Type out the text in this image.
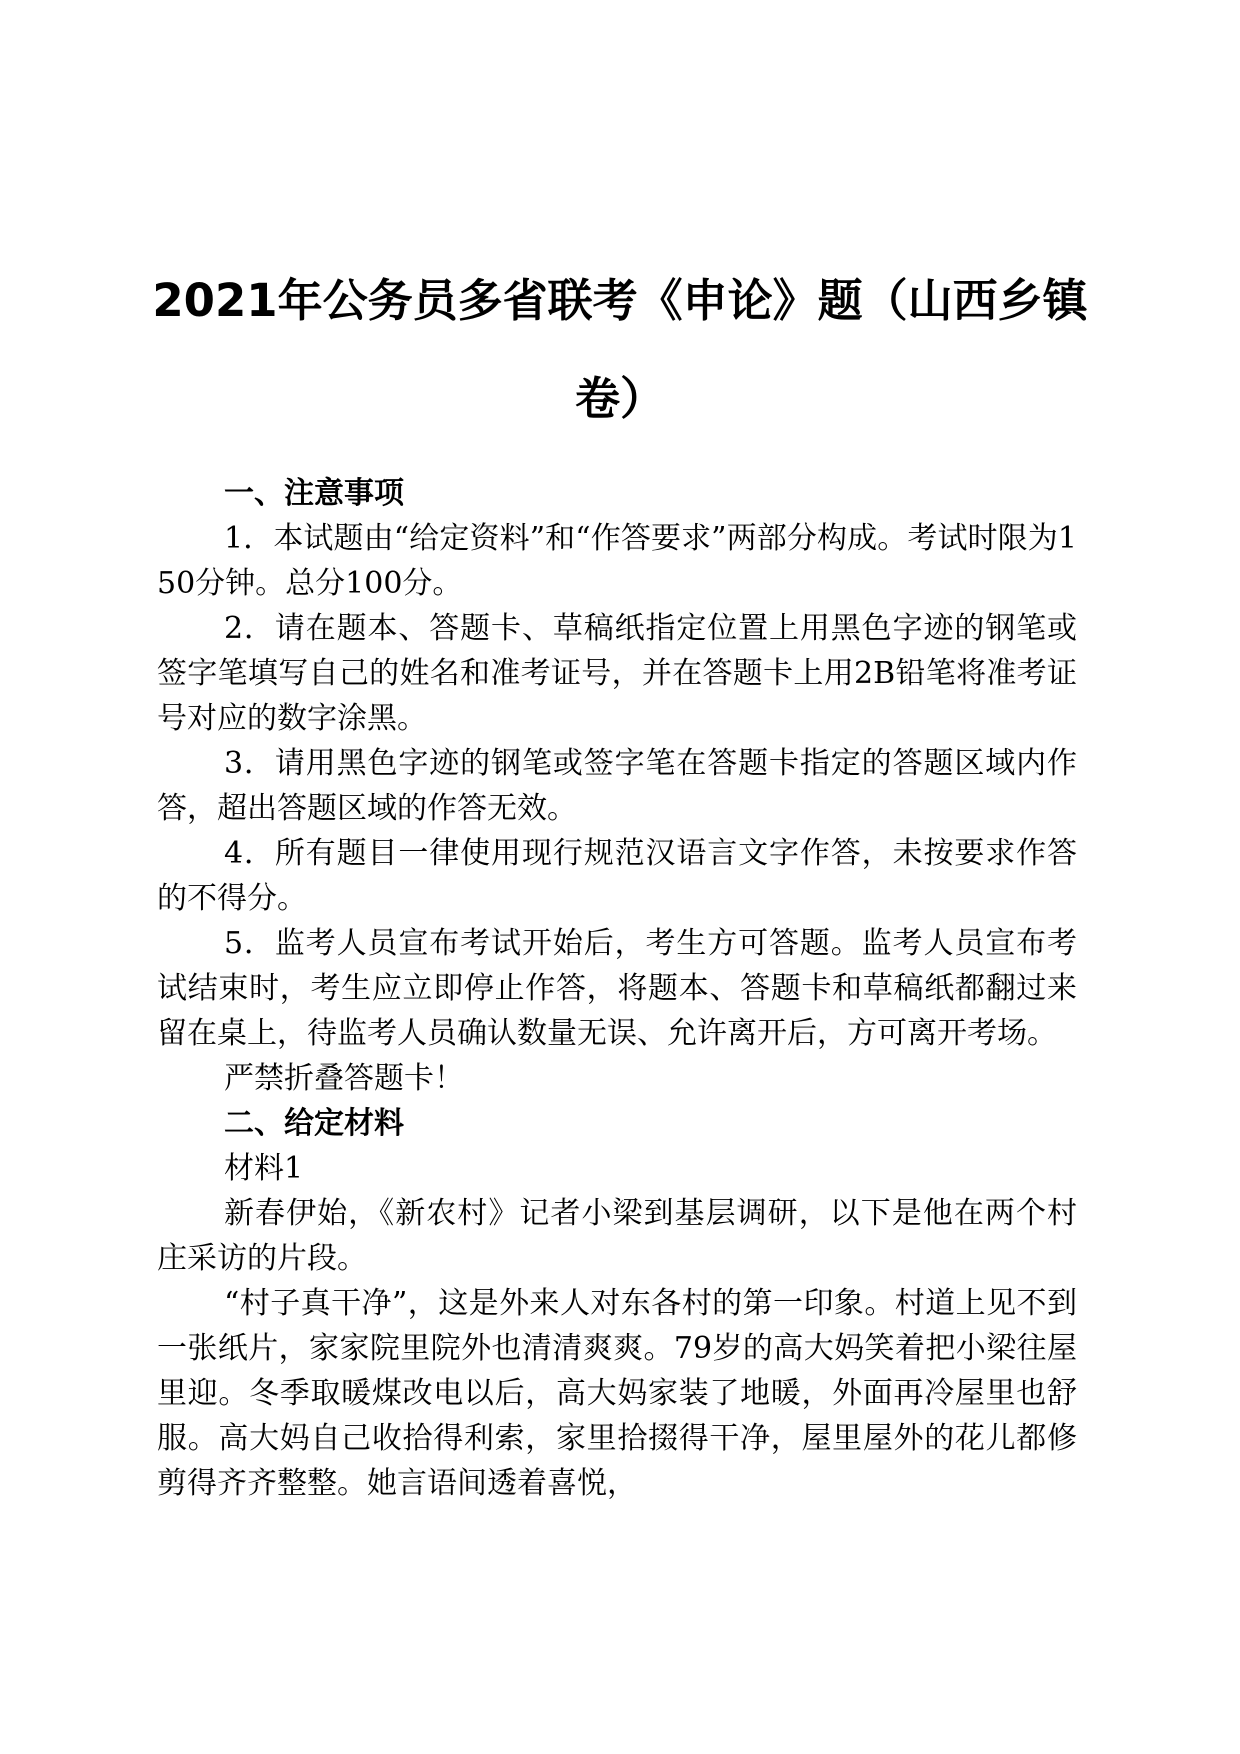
2021年公务员多省联考《申论》题（山西乡镇卷）

一、注意事项

1．本试题由“给定资料”和“作答要求”两部分构成。考试时限为150分钟。总分100分。

2．请在题本、答题卡、草稿纸指定位置上用黑色字迹的钢笔或签字笔填写自己的姓名和准考证号，并在答题卡上用2B铅笔将准考证号对应的数字涂黑。

3．请用黑色字迹的钢笔或签字笔在答题卡指定的答题区域内作答，超出答题区域的作答无效。

4．所有题目一律使用现行规范汉语言文字作答，未按要求作答的不得分。

5．监考人员宣布考试开始后，考生方可答题。监考人员宣布考试结束时，考生应立即停止作答，将题本、答题卡和草稿纸都翻过来留在桌上，待监考人员确认数量无误、允许离开后，方可离开考场。

严禁折叠答题卡！

二、给定材料

材料1

新春伊始，《新农村》记者小梁到基层调研，以下是他在两个村庄采访的片段。

“村子真干净”，这是外来人对东各村的第一印象。村道上见不到一张纸片，家家院里院外也清清爽爽。79岁的高大妈笑着把小梁往屋里迎。冬季取暖煤改电以后，高大妈家装了地暖，外面再冷屋里也舒服。高大妈自己收拾得利索，家里拾掇得干净，屋里屋外的花儿都修剪得齐齐整整。她言语间透着喜悦，
